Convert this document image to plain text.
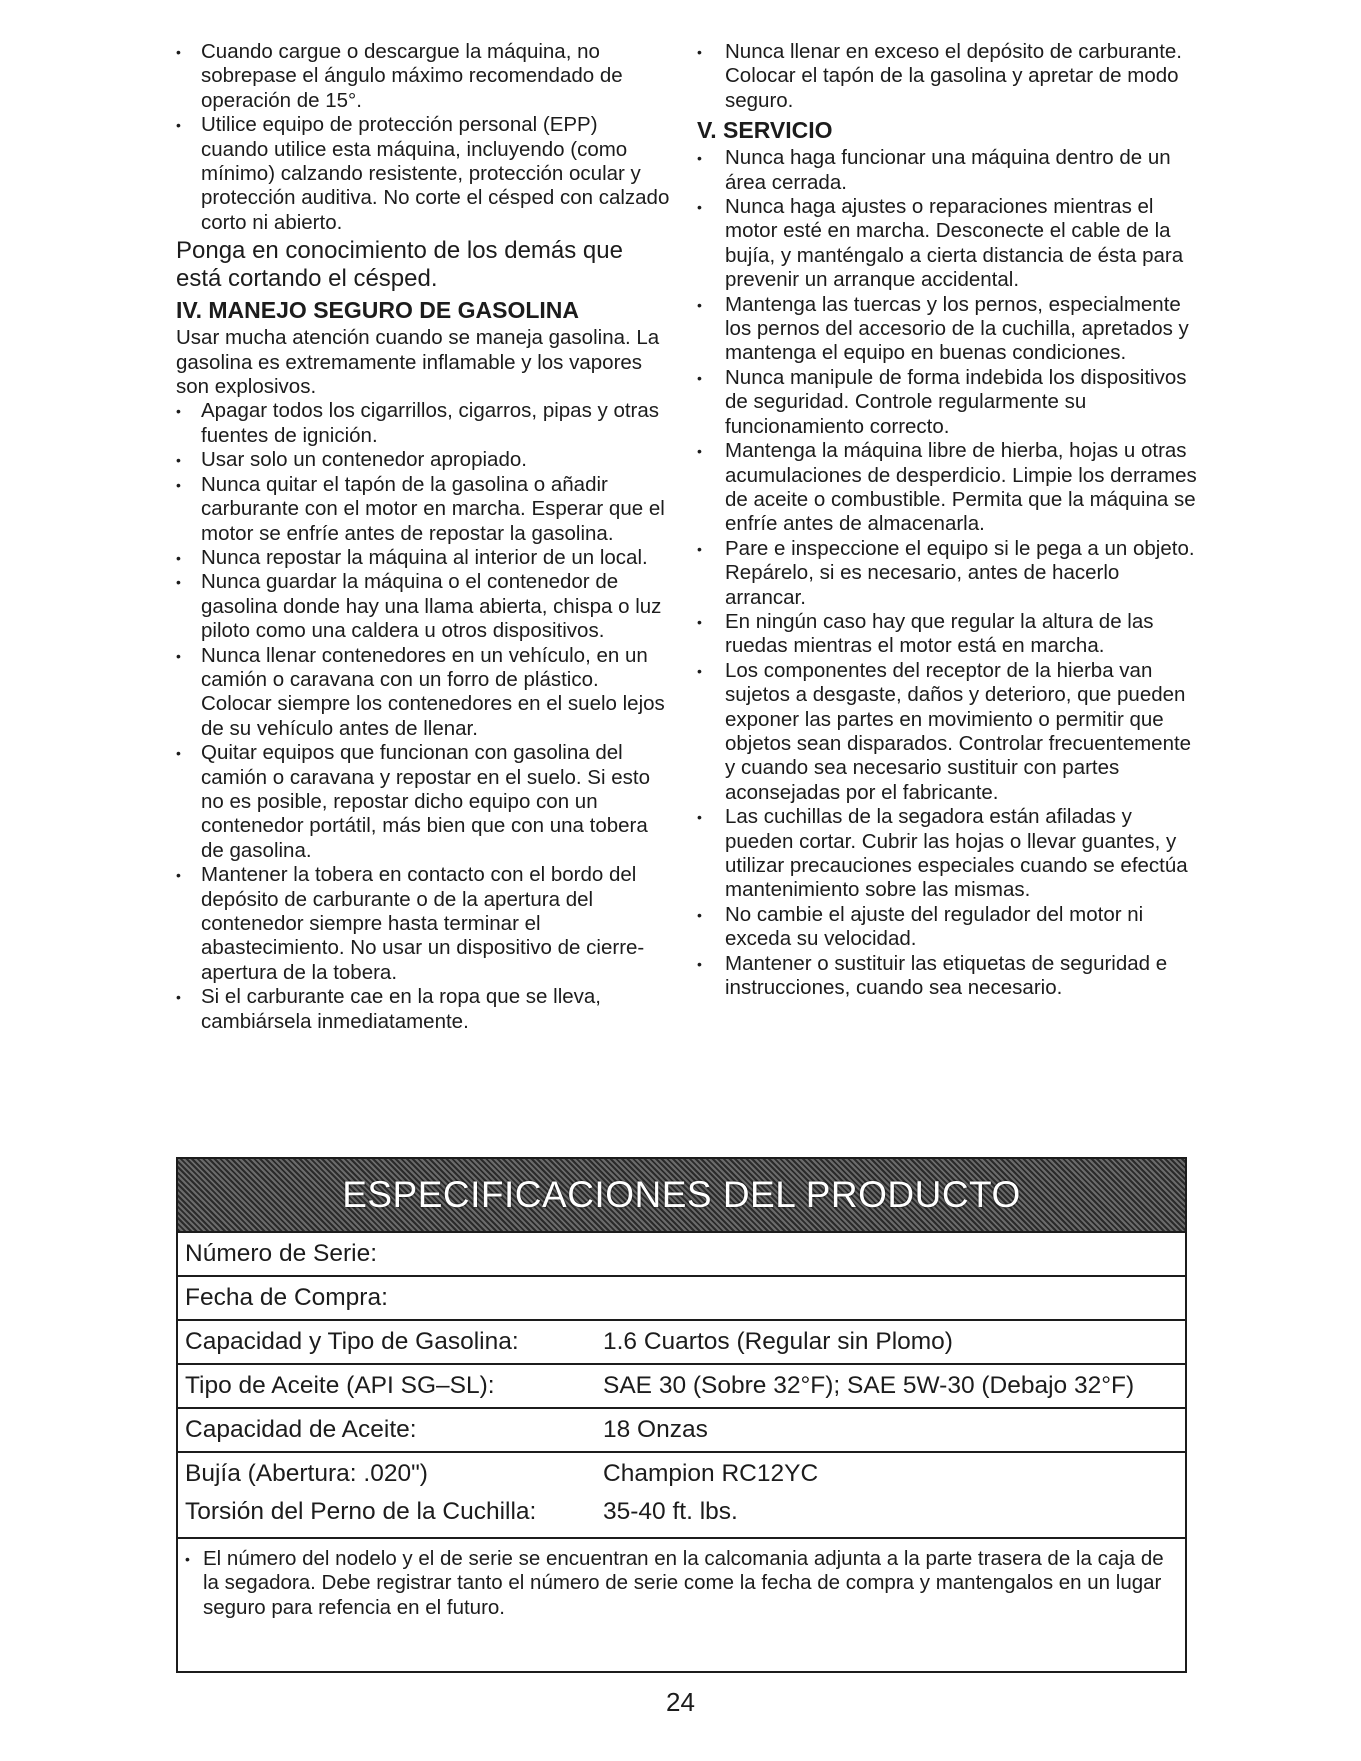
• Cuando cargue o descargue la máquina, no sobrepase el ángulo máximo recomendado de operación de 15°.
• Utilice equipo de protección personal (EPP) cuando utilice esta máquina, incluyendo (como mínimo) calzando resistente, protección ocular y protección auditiva. No corte el césped con calzado corto ni abierto.
Ponga en conocimiento de los demás que está cortando el césped.
IV. MANEJO SEGURO DE GASOLINA

Usar mucha atención cuando se maneja gasolina. La gasolina es extremamente inflamable y los vapores son explosivos.

• Apagar todos los cigarrillos, cigarros, pipas y otras fuentes de ignición.
• Usar solo un contenedor apropiado.
• Nunca quitar el tapón de la gasolina o añadir carburante con el motor en marcha. Esperar que el motor se enfríe antes de repostar la gasolina.
• Nunca repostar la máquina al interior de un local.
• Nunca guardar la máquina o el contenedor de gasolina donde hay una llama abierta, chispa o luz piloto como una caldera u otros dispositivos.
• Nunca llenar contenedores en un vehículo, en un camión o caravana con un forro de plástico. Colocar siempre los contenedores en el suelo lejos de su vehículo antes de llenar.
• Quitar equipos que funcionan con gasolina del camión o caravana y repostar en el suelo. Si esto no es posible, repostar dicho equipo con un contenedor portátil, más bien que con una tobera de gasolina.
• Mantener la tobera en contacto con el bordo del depósito de carburante o de la apertura del contenedor siempre hasta terminar el abastecimiento. No usar un dispositivo de cierre-apertura de la tobera.
• Si el carburante cae en la ropa que se lleva, cambiársela inmediatamente.
• Nunca llenar en exceso el depósito de carburante. Colocar el tapón de la gasolina y apretar de modo seguro.
V. SERVICIO
• Nunca haga funcionar una máquina dentro de un área cerrada.
• Nunca haga ajustes o reparaciones mientras el motor esté en marcha. Desconecte el cable de la bujía, y manténgalo a cierta distancia de ésta para prevenir un arranque accidental.
• Mantenga las tuercas y los pernos, especialmente los pernos del accesorio de la cuchilla, apretados y mantenga el equipo en buenas condiciones.
• Nunca manipule de forma indebida los dispositivos de seguridad. Controle regularmente su funcionamiento correcto.
• Mantenga la máquina libre de hierba, hojas u otras acumulaciones de desperdicio. Limpie los derrames de aceite o combustible. Permita que la máquina se enfríe antes de almacenarla.
• Pare e inspeccione el equipo si le pega a un objeto. Repárelo, si es necesario, antes de hacerlo arrancar.
• En ningún caso hay que regular la altura de las ruedas mientras el motor está en marcha.
• Los componentes del receptor de la hierba van sujetos a desgaste, daños y deterioro, que pueden exponer las partes en movimiento o permitir que objetos sean disparados. Controlar frecuentemente y cuando sea necesario sustituir con partes aconsejadas por el fabricante.
• Las cuchillas de la segadora están afiladas y pueden cortar. Cubrir las hojas o llevar guantes, y utilizar precauciones especiales cuando se efectúa mantenimiento sobre las mismas.
• No cambie el ajuste del regulador del motor ni exceda su velocidad.
• Mantener o sustituir las etiquetas de seguridad e instrucciones, cuando sea necesario.
ESPECIFICACIONES DEL PRODUCTO
Número de Serie:
Fecha de Compra:
Capacidad y Tipo de Gasolina:	1.6 Cuartos (Regular sin Plomo)
Tipo de Aceite (API SG–SL):	SAE 30 (Sobre 32°F); SAE 5W-30 (Debajo 32°F)
Capacidad de Aceite:	18 Onzas
Bujía (Abertura: .020")	Champion RC12YC
Torsión del Perno de la Cuchilla:	35-40 ft. lbs.
• El número del nodelo y el de serie se encuentran en la calcomania adjunta a la parte trasera de la caja de la segadora. Debe registrar tanto el número de serie come la fecha de compra y mantengalos en un lugar seguro para refencia en el futuro.
24
